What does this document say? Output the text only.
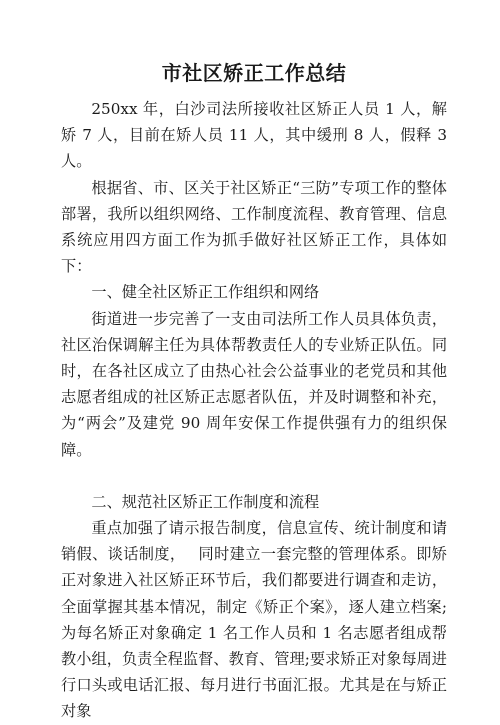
市社区矫正工作总结

250xx 年，白沙司法所接收社区矫正人员 1 人，解矫 7 人，目前在矫人员 11 人，其中缓刑 8 人，假释 3 人。

根据省、市、区关于社区矫正“三防”专项工作的整体部署，我所以组织网络、工作制度流程、教育管理、信息系统应用四方面工作为抓手做好社区矫正工作，具体如下：

一、健全社区矫正工作组织和网络

街道进一步完善了一支由司法所工作人员具体负责，社区治保调解主任为具体帮教责任人的专业矫正队伍。同时，在各社区成立了由热心社会公益事业的老党员和其他志愿者组成的社区矫正志愿者队伍，并及时调整和补充，为“两会”及建党 90 周年安保工作提供强有力的组织保障。

二、规范社区矫正工作制度和流程

重点加强了请示报告制度，信息宣传、统计制度和请销假、谈话制度，　 同时建立一套完整的管理体系。即矫正对象进入社区矫正环节后，我们都要进行调查和走访，全面掌握其基本情况，制定《矫正个案》，逐人建立档案;为每名矫正对象确定 1 名工作人员和 1 名志愿者组成帮教小组，负责全程监督、教育、管理;要求矫正对象每周进行口头或电话汇报、每月进行书面汇报。尤其是在与矫正对象
